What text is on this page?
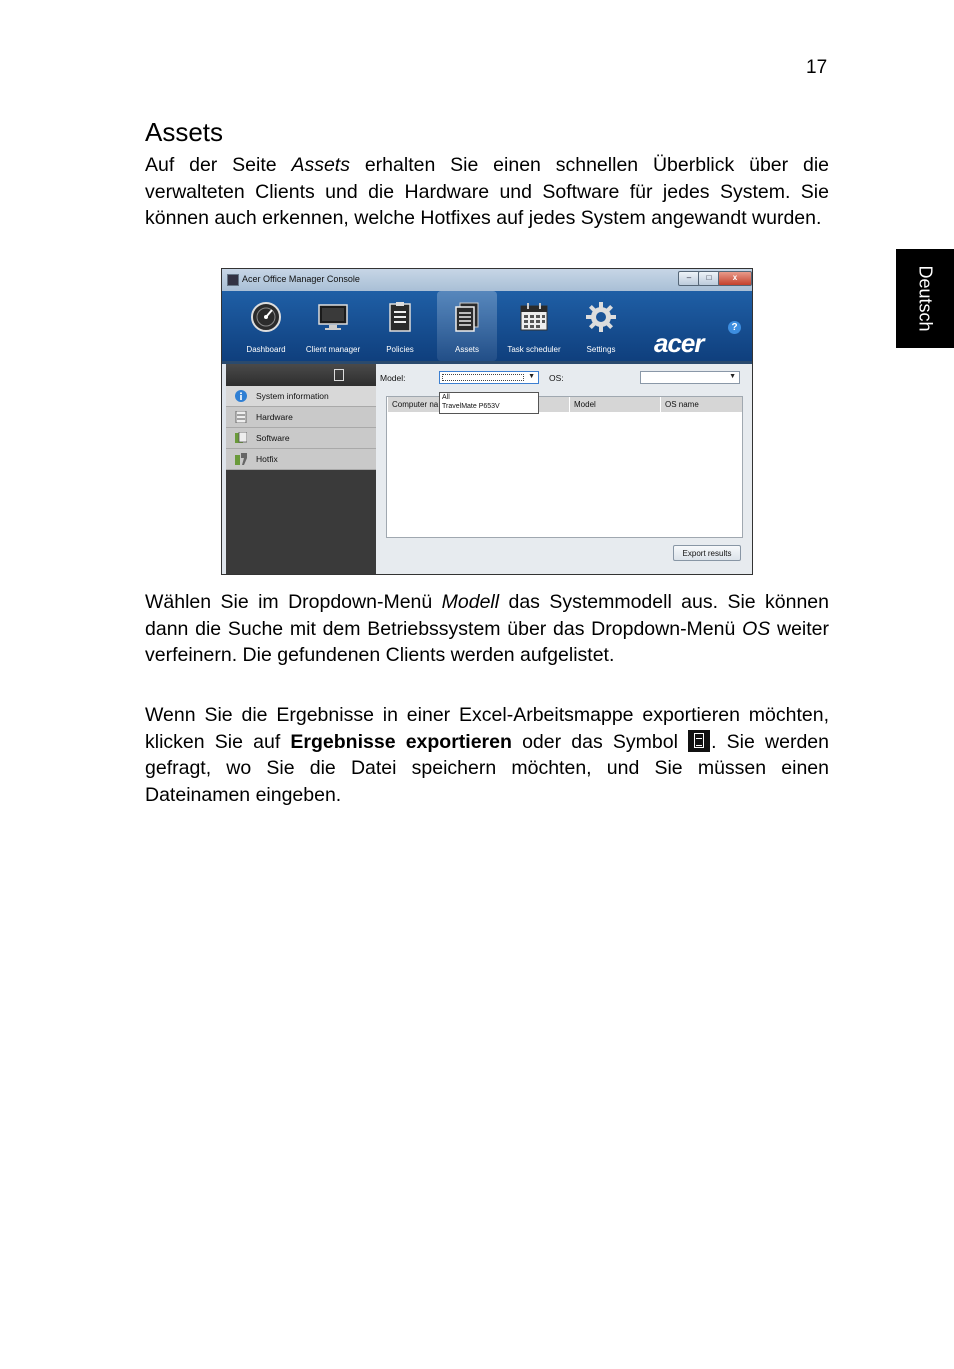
17
Deutsch
Assets

Auf der Seite Assets erhalten Sie einen schnellen Überblick über die verwalteten Clients und die Hardware und Software für jedes System. Sie können auch erkennen, welche Hotfixes auf jedes System angewandt wurden.

Acer Office Manager Console	–	□	x
Dashboard	Client manager	Policies	Assets	Task scheduler	Settings	acer
?
System information
Hardware
Software
Hotfix
Model:	▼
All
TravelMate P653V
OS:	▼
Computer na	Model	OS name
Export results

Wählen Sie im Dropdown-Menü Modell das Systemmodell aus. Sie können dann die Suche mit dem Betriebssystem über das Dropdown-Menü OS weiter verfeinern. Die gefundenen Clients werden aufgelistet.

Wenn Sie die Ergebnisse in einer Excel-Arbeitsmappe exportieren möchten, klicken Sie auf Ergebnisse exportieren oder das Symbol . Sie werden gefragt, wo Sie die Datei speichern möchten, und Sie müssen einen Dateinamen eingeben.
